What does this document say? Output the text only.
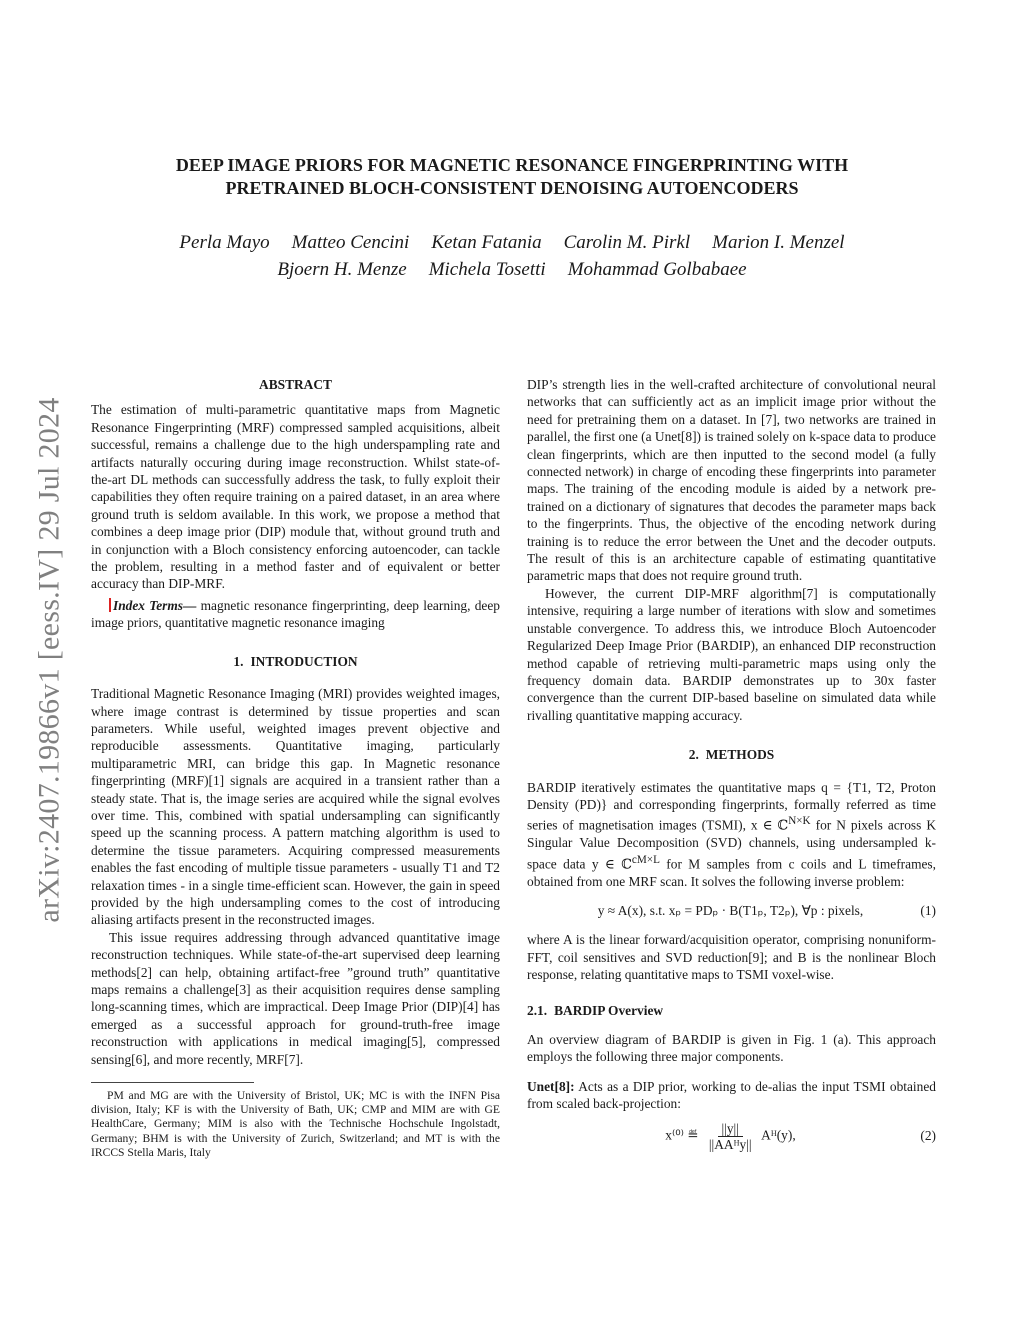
arXiv:2407.19866v1 [eess.IV] 29 Jul 2024
DEEP IMAGE PRIORS FOR MAGNETIC RESONANCE FINGERPRINTING WITH
PRETRAINED BLOCH-CONSISTENT DENOISING AUTOENCODERS
Perla Mayo Matteo Cencini Ketan Fatania Carolin M. Pirkl Marion I. Menzel
Bjoern H. Menze Michela Tosetti Mohammad Golbabaee
ABSTRACT

The estimation of multi-parametric quantitative maps from Magnetic Resonance Fingerprinting (MRF) compressed sampled acquisitions, albeit successful, remains a challenge due to the high underspampling rate and artifacts naturally occuring during image reconstruction. Whilst state-of-the-art DL methods can successfully address the task, to fully exploit their capabilities they often require training on a paired dataset, in an area where ground truth is seldom available. In this work, we propose a method that combines a deep image prior (DIP) module that, without ground truth and in conjunction with a Bloch consistency enforcing autoencoder, can tackle the problem, resulting in a method faster and of equivalent or better accuracy than DIP-MRF.

Index Terms— magnetic resonance fingerprinting, deep learning, deep image priors, quantitative magnetic resonance imaging

1. INTRODUCTION

Traditional Magnetic Resonance Imaging (MRI) provides weighted images, where image contrast is determined by tissue properties and scan parameters. While useful, weighted images prevent objective and reproducible assessments. Quantitative imaging, particularly multiparametric MRI, can bridge this gap. In Magnetic resonance fingerprinting (MRF)[1] signals are acquired in a transient rather than a steady state. That is, the image series are acquired while the signal evolves over time. This, combined with spatial undersampling can significantly speed up the scanning process. A pattern matching algorithm is used to determine the tissue parameters. Acquiring compressed measurements enables the fast encoding of multiple tissue parameters - usually T1 and T2 relaxation times - in a single time-efficient scan. However, the gain in speed provided by the high undersampling comes to the cost of introducing aliasing artifacts present in the reconstructed images.

This issue requires addressing through advanced quantitative image reconstruction techniques. While state-of-the-art supervised deep learning methods[2] can help, obtaining artifact-free ”ground truth” quantitative maps remains a challenge[3] as their acquisition requires dense sampling long-scanning times, which are impractical. Deep Image Prior (DIP)[4] has emerged as a successful approach for ground-truth-free image reconstruction with applications in medical imaging[5], compressed sensing[6], and more recently, MRF[7].

PM and MG are with the University of Bristol, UK; MC is with the INFN Pisa division, Italy; KF is with the University of Bath, UK; CMP and MIM are with GE HealthCare, Germany; MIM is also with the Technische Hochschule Ingolstadt, Germany; BHM is with the University of Zurich, Switzerland; and MT is with the IRCCS Stella Maris, Italy

DIP’s strength lies in the well-crafted architecture of convolutional neural networks that can sufficiently act as an implicit image prior without the need for pretraining them on a dataset. In [7], two networks are trained in parallel, the first one (a Unet[8]) is trained solely on k-space data to produce clean fingerprints, which are then inputted to the second model (a fully connected network) in charge of encoding these fingerprints into parameter maps. The training of the encoding module is aided by a network pre-trained on a dictionary of signatures that decodes the parameter maps back to the fingerprints. Thus, the objective of the encoding network during training is to reduce the error between the Unet and the decoder outputs. The result of this is an architecture capable of estimating quantitative parametric maps that does not require ground truth.

However, the current DIP-MRF algorithm[7] is computationally intensive, requiring a large number of iterations with slow and sometimes unstable convergence. To address this, we introduce Bloch Autoencoder Regularized Deep Image Prior (BARDIP), an enhanced DIP reconstruction method capable of retrieving multi-parametric maps using only the frequency domain data. BARDIP demonstrates up to 30x faster convergence than the current DIP-based baseline on simulated data while rivalling quantitative mapping accuracy.

2. METHODS

BARDIP iteratively estimates the quantitative maps q = {T1, T2, Proton Density (PD)} and corresponding fingerprints, formally referred as time series of magnetisation images (TSMI), x ∈ ℂ$^{N\times K}$ for N pixels across K Singular Value Decomposition (SVD) channels, using undersampled k-space data y ∈ ℂ$^{cM\times L}$ for M samples from c coils and L timeframes, obtained from one MRF scan. It solves the following inverse problem:

y ≈ A(x), s.t. xₚ = PDₚ · B(T1ₚ, T2ₚ), ∀p : pixels,	(1)

where A is the linear forward/acquisition operator, comprising nonuniform-FFT, coil sensitives and SVD reduction[9]; and B is the nonlinear Bloch response, relating quantitative maps to TSMI voxel-wise.

2.1. BARDIP Overview

An overview diagram of BARDIP is given in Fig. 1 (a). This approach employs the following three major components.

Unet[8]: Acts as a DIP prior, working to de-alias the input TSMI obtained from scaled back-projection:

x⁽⁰⁾ ≝ $\frac{||y||}{\text{||AAᴴy||}}$ Aᴴ(y),	(2)
